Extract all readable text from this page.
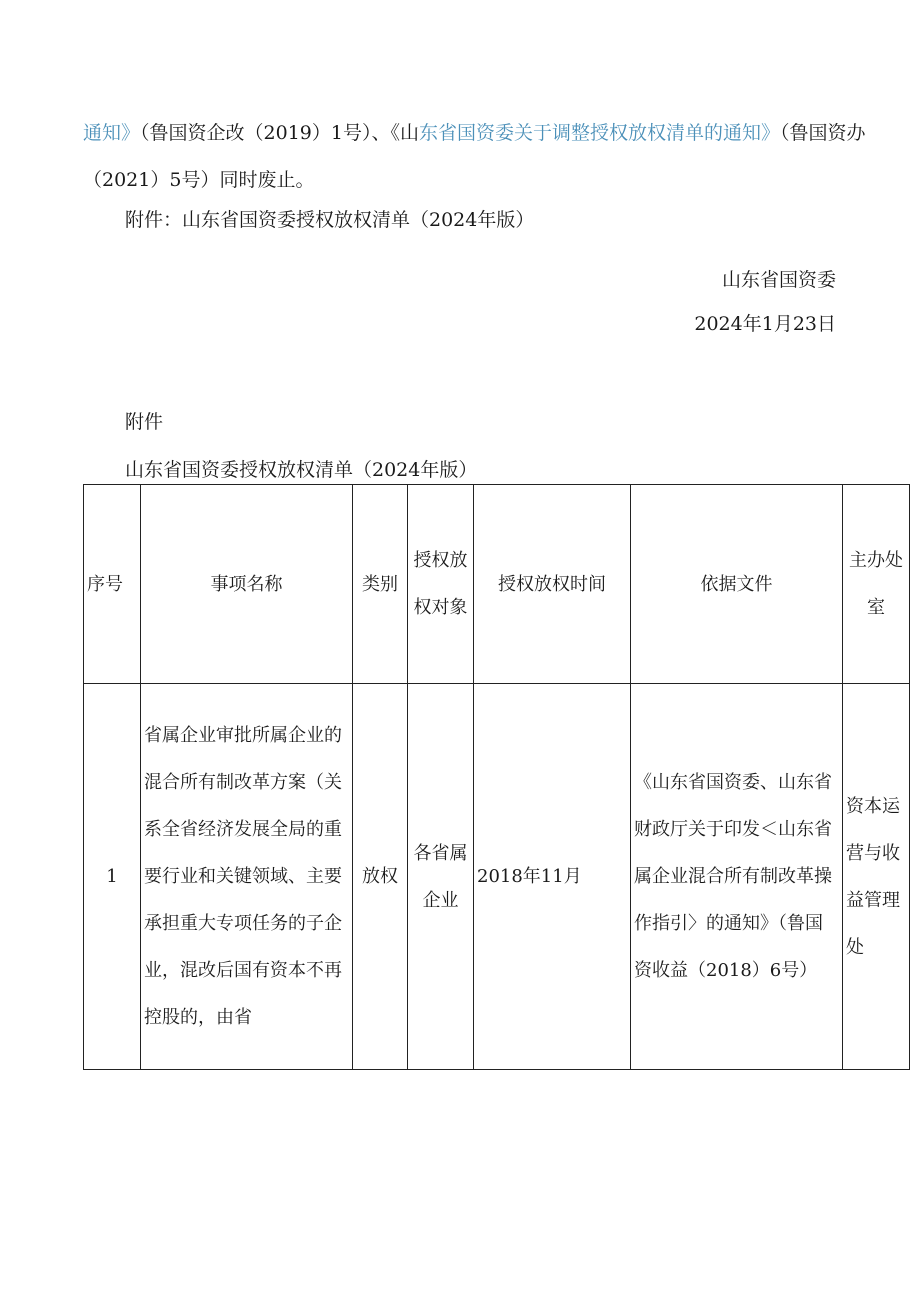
通知》（鲁国资企改（2019）1号）、《山东省国资委关于调整授权放权清单的通知》（鲁国资办（2021）5号）同时废止。

附件：山东省国资委授权放权清单（2024年版）
山东省国资委
2024年1月23日
附件
山东省国资委授权放权清单（2024年版）
序号	事项名称	类别	授权放权对象	授权放权时间	依据文件	主办处室
1	省属企业审批所属企业的混合所有制改革方案（关系全省经济发展全局的重要行业和关键领域、主要承担重大专项任务的子企业，混改后国有资本不再控股的，由省	放权	各省属企业	2018年11月	《山东省国资委、山东省财政厅关于印发＜山东省属企业混合所有制改革操作指引〉的通知》（鲁国资收益（2018）6号）	资本运营与收益管理处
